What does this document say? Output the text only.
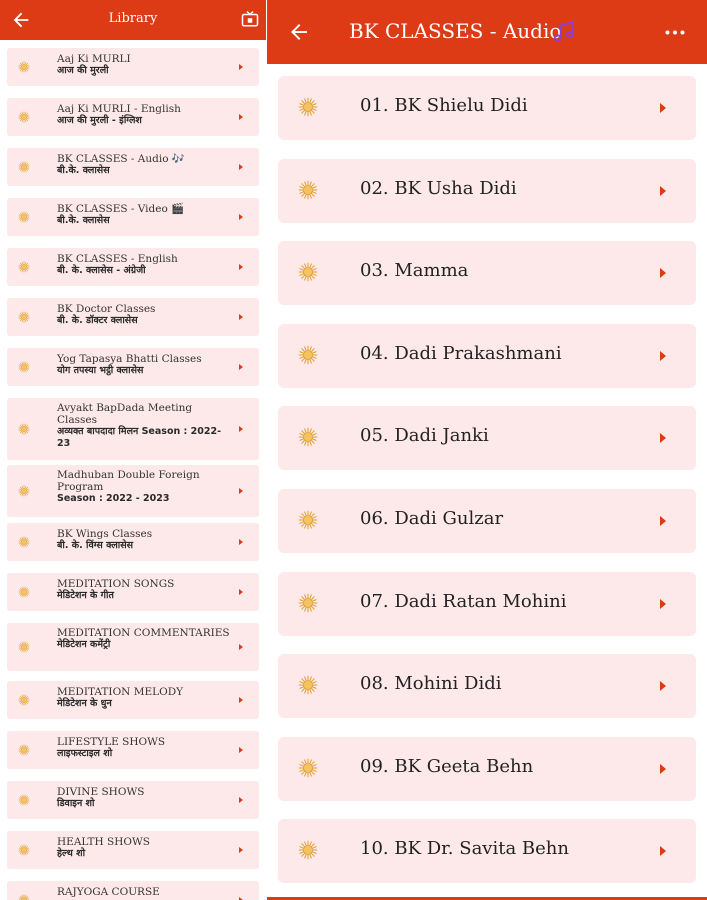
Library
Aaj Ki MURLI
आज की मुरली
Aaj Ki MURLI - English
आज की मुरली - इंग्लिश
BK CLASSES - Audio 🎶
बी.के. क्लासेस
BK CLASSES - Video 🎬
बी.के. क्लासेस
BK CLASSES - English
बी. के. क्लासेस - अंग्रेजी
BK Doctor Classes
बी. के. डॉक्टर क्लासेस
Yog Tapasya Bhatti Classes
योग तपस्या भट्ठी क्लासेस
Avyakt BapDada Meeting Classes
अव्यक्त बापदादा मिलन Season : 2022-23
Madhuban Double Foreign Program
Season : 2022 - 2023
BK Wings Classes
बी. के. विंग्स क्लासेस
MEDITATION SONGS
मेडिटेशन के गीत
MEDITATION COMMENTARIES
मेडिटेशन कमेंट्री
MEDITATION MELODY
मेडिटेशन के धुन
LIFESTYLE SHOWS
लाइफस्टाइल शो
DIVINE SHOWS
डिवाइन शो
HEALTH SHOWS
हेल्थ शो
RAJYOGA COURSE
BK CLASSES - Audio
01. BK Shielu Didi
02. BK Usha Didi
03. Mamma
04. Dadi Prakashmani
05. Dadi Janki
06. Dadi Gulzar
07. Dadi Ratan Mohini
08. Mohini Didi
09. BK Geeta Behn
10. BK Dr. Savita Behn
